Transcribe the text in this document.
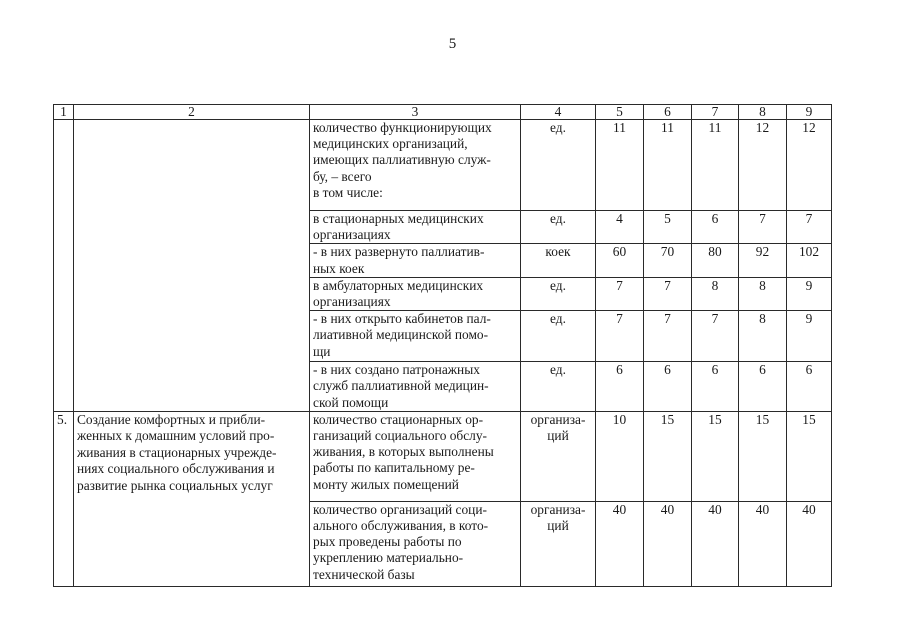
5
1	2	3	4	5	6	7	8	9
		количество функционирующих
медицинских организаций,
имеющих паллиативную служ-
бу, – всего
в том числе:	ед.	11	11	11	12	12
		в стационарных медицинских
организациях	ед.	4	5	6	7	7
		- в них развернуто паллиатив-
ных коек	коек	60	70	80	92	102
		в амбулаторных медицинских
организациях	ед.	7	7	8	8	9
		- в них открыто кабинетов пал-
лиативной медицинской помо-
щи	ед.	7	7	7	8	9
		- в них создано патронажных
служб паллиативной медицин-
ской помощи	ед.	6	6	6	6	6
5.	Создание комфортных и прибли-
женных к домашним условий про-
живания в стационарных учрежде-
ниях социального обслуживания и
развитие рынка социальных услуг	количество стационарных ор-
ганизаций социального обслу-
живания, в которых выполнены
работы по капитальному ре-
монту жилых помещений	организа-
ций	10	15	15	15	15
		количество организаций соци-
ального обслуживания, в кото-
рых проведены работы по
укреплению материально-
технической базы	организа-
ций	40	40	40	40	40
